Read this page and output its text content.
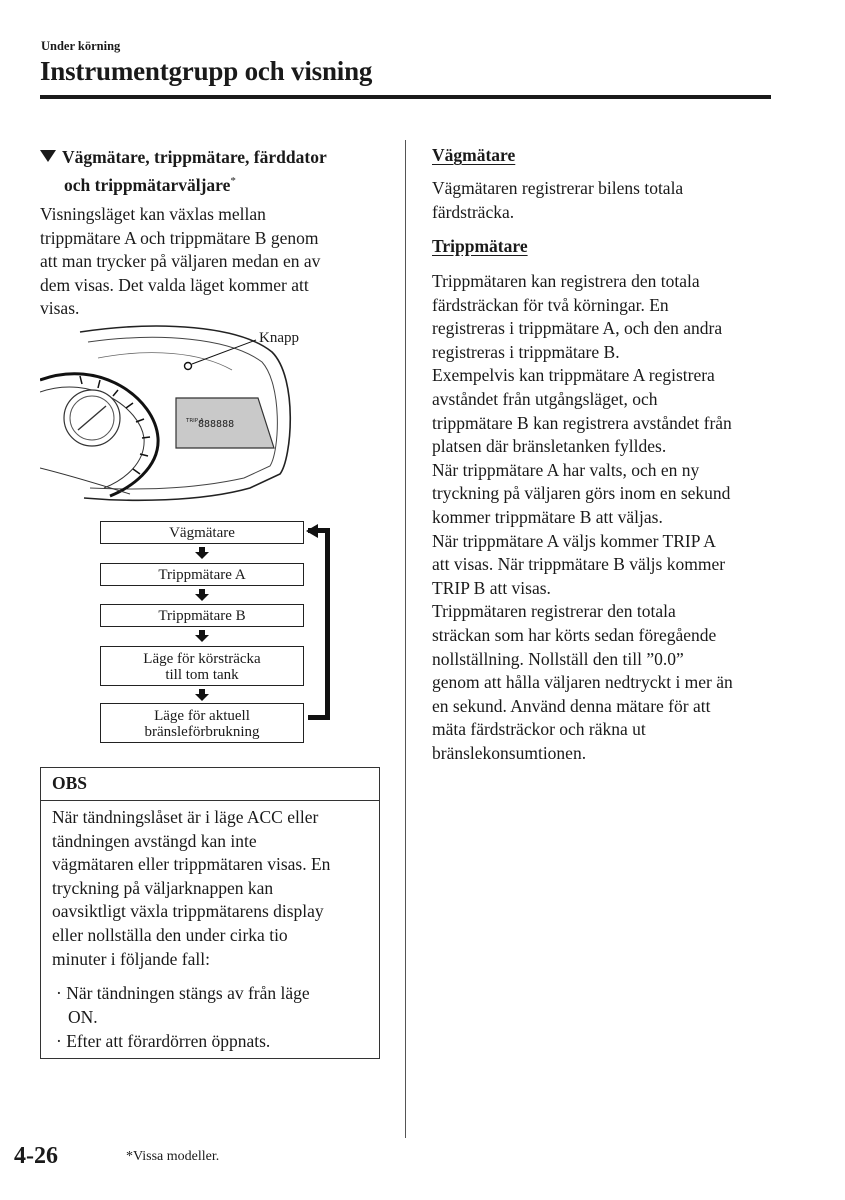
Under körning
Instrumentgrupp och visning
Vägmätare, trippmätare, färddator
och trippmätarväljare*
Visningsläget kan växlas mellan
trippmätare A och trippmätare B genom
att man trycker på väljaren medan en av
dem visas. Det valda läget kommer att
visas.
TRIP A
888888
Knapp
Vägmätare
Trippmätare A
Trippmätare B
Läge för körsträcka
till tom tank
Läge för aktuell
bränsleförbrukning
OBS
När tändningslåset är i läge ACC eller
tändningen avstängd kan inte
vägmätaren eller trippmätaren visas. En
tryckning på väljarknappen kan
oavsiktligt växla trippmätarens display
eller nollställa den under cirka tio
minuter i följande fall:
· När tändningen stängs av från läge
ON.
· Efter att förardörren öppnats.
Vägmätare
Vägmätaren registrerar bilens totala
färdsträcka.
Trippmätare
Trippmätaren kan registrera den totala
färdsträckan för två körningar. En
registreras i trippmätare A, och den andra
registreras i trippmätare B.
Exempelvis kan trippmätare A registrera
avståndet från utgångsläget, och
trippmätare B kan registrera avståndet från
platsen där bränsletanken fylldes.
När trippmätare A har valts, och en ny
tryckning på väljaren görs inom en sekund
kommer trippmätare B att väljas.
När trippmätare A väljs kommer TRIP A
att visas. När trippmätare B väljs kommer
TRIP B att visas.
Trippmätaren registrerar den totala
sträckan som har körts sedan föregående
nollställning. Nollställ den till ”0.0”
genom att hålla väljaren nedtryckt i mer än
en sekund. Använd denna mätare för att
mäta färdsträckor och räkna ut
bränslekonsumtionen.
4-26	*Vissa modeller.
